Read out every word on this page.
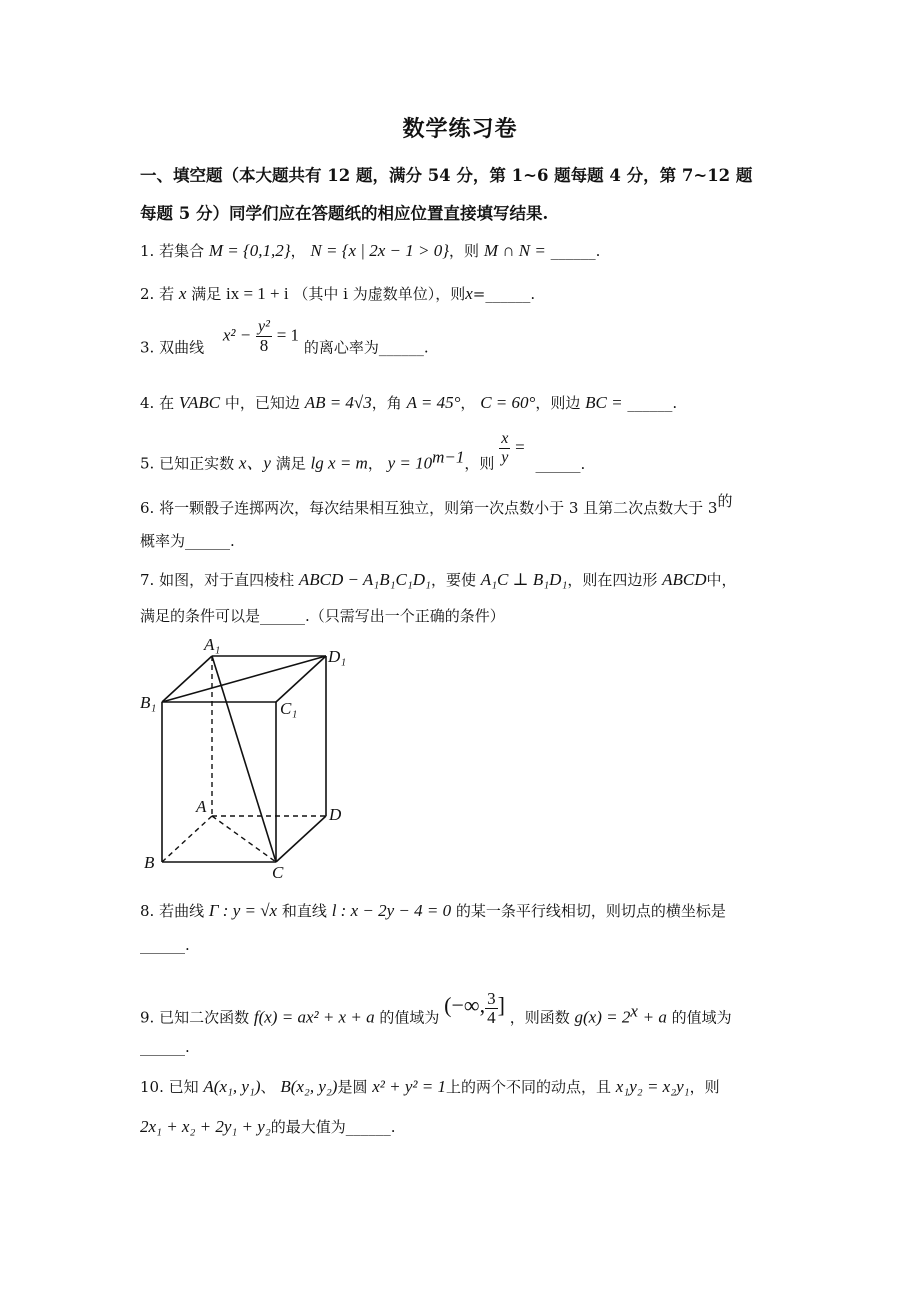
数学练习卷
一、填空题（本大题共有 12 题，满分 54 分，第 1~6 题每题 4 分，第 7~12 题
每题 5 分）同学们应在答题纸的相应位置直接填写结果.
1. 若集合 M = {0,1,2}， N = {x | 2x − 1 > 0}，则 M ∩ N = ______.
2. 若 x 满足 ix = 1 + i （其中 i 为虚数单位），则x=______.
3. 双曲线 $x^2 - \frac{\text{y²}}{8} = 1$ 的离心率为______.
4. 在 VABC 中，已知边 AB = 4√3，角 A = 45°， C = 60°，则边 BC = ______.
5. 已知正实数 x、y 满足 lg x = m， $y = 10^{m-1}$，则 $\frac{x}{y}$ = ______.
6. 将一颗骰子连掷两次，每次结果相互独立，则第一次点数小于 3 且第二次点数大于 3的
概率为______.
7. 如图，对于直四棱柱 ABCD − A₁B₁C₁D₁，要使 A₁C ⊥ B₁D₁，则在四边形 ABCD中，
满足的条件可以是______.（只需写出一个正确的条件）
A₁
D₁
B₁	C₁
A	D
B
C
8. 若曲线 Γ : y = √x 和直线 l : x − 2y − 4 = 0 的某一条平行线相切，则切点的横坐标是
______.
9. 已知二次函数 f(x) = ax² + x + a 的值域为 (−∞, $\frac{3}{4}$ ] ，则函数 $g(x) = 2^x + a$ 的值域为
______.
10. 已知 A(x₁, y₁)、 B(x₂, y₂)是圆 x² + y² = 1上的两个不同的动点，且 x₁y₂ = x₂y₁，则
2x₁ + x₂ + 2y₁ + y₂的最大值为______.
